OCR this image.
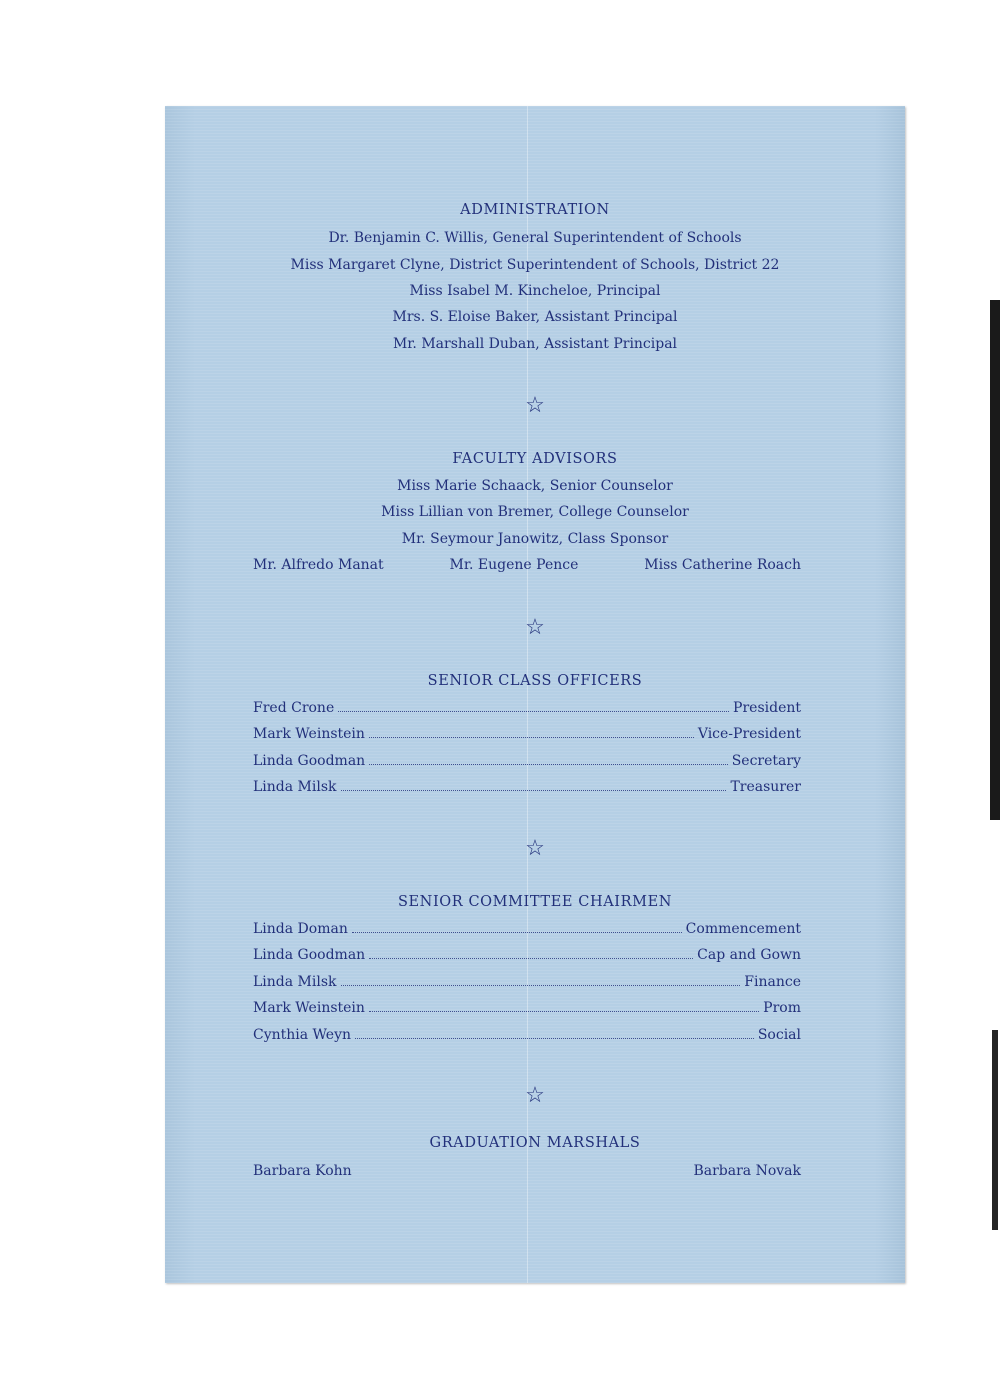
ADMINISTRATION
Dr. Benjamin C. Willis, General Superintendent of Schools
Miss Margaret Clyne, District Superintendent of Schools, District 22
Miss Isabel M. Kincheloe, Principal
Mrs. S. Eloise Baker, Assistant Principal
Mr. Marshall Duban, Assistant Principal
☆
FACULTY ADVISORS
Miss Marie Schaack, Senior Counselor
Miss Lillian von Bremer, College Counselor
Mr. Seymour Janowitz, Class Sponsor
Mr. Alfredo Manat	Mr. Eugene Pence	Miss Catherine Roach
☆
SENIOR CLASS OFFICERS
Fred Crone	President
Mark Weinstein	Vice-President
Linda Goodman	Secretary
Linda Milsk	Treasurer
☆
SENIOR COMMITTEE CHAIRMEN
Linda Doman	Commencement
Linda Goodman	Cap and Gown
Linda Milsk	Finance
Mark Weinstein	Prom
Cynthia Weyn	Social
☆
GRADUATION MARSHALS
Barbara Kohn	Barbara Novak
